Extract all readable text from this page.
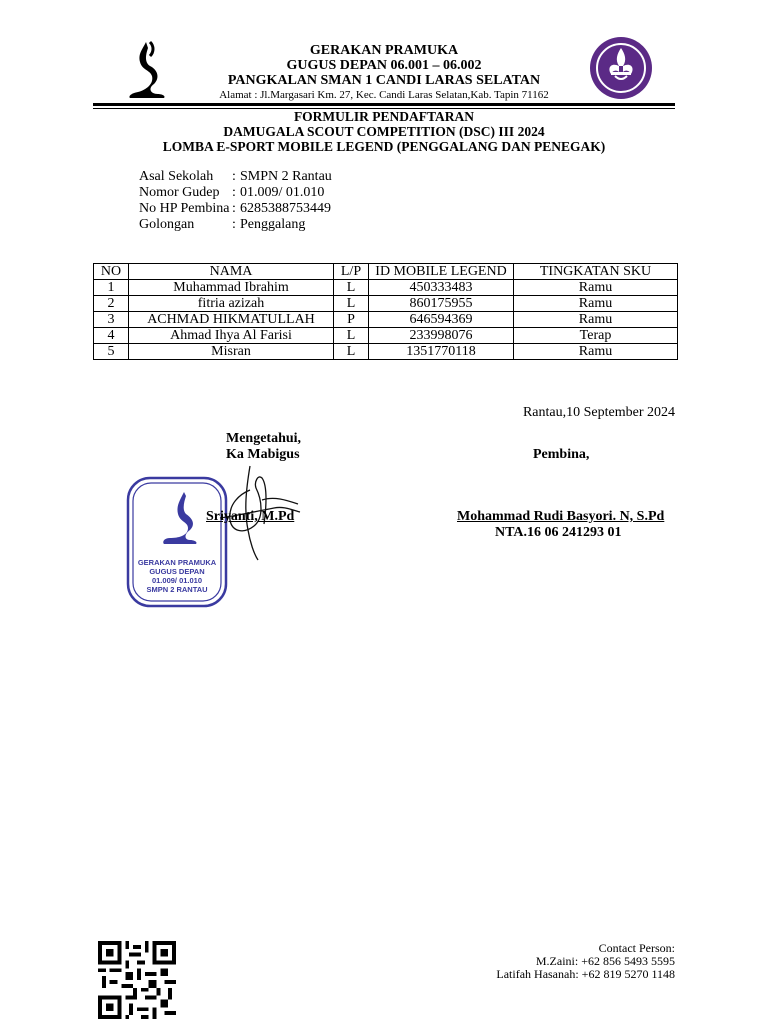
GERAKAN PRAMUKA
GUGUS DEPAN 06.001 – 06.002
PANGKALAN SMAN 1 CANDI LARAS SELATAN
Alamat : Jl.Margasari Km. 27, Kec. Candi Laras Selatan,Kab. Tapin 71162
FORMULIR PENDAFTARAN
DAMUGALA SCOUT COMPETITION (DSC) III 2024
LOMBA E-SPORT MOBILE LEGEND (PENGGALANG DAN PENEGAK)
Asal Sekolah : SMPN 2 Rantau
Nomor Gudep : 01.009/ 01.010
No HP Pembina : 6285388753449
Golongan	: Penggalang
NO	NAMA	L/P	ID MOBILE LEGEND	TINGKATAN SKU
1	Muhammad Ibrahim	L	450333483	Ramu
2	fitria azizah	L	860175955	Ramu
3	ACHMAD HIKMATULLAH	P	646594369	Ramu
4	Ahmad Ihya Al Farisi	L	233998076	Terap
5	Misran	L	1351770118	Ramu
Rantau,10 September 2024
Mengetahui,
Ka Mabigus
GERAKAN PRAMUKA
GUGUS DEPAN
01.009/ 01.010
SMPN 2 RANTAU
Sriyanti, M.Pd
Pembina,
Mohammad Rudi Basyori. N, S.Pd
NTA.16 06 241293 01
Contact Person:
M.Zaini: +62 856 5493 5595
Latifah Hasanah: +62 819 5270 1148
